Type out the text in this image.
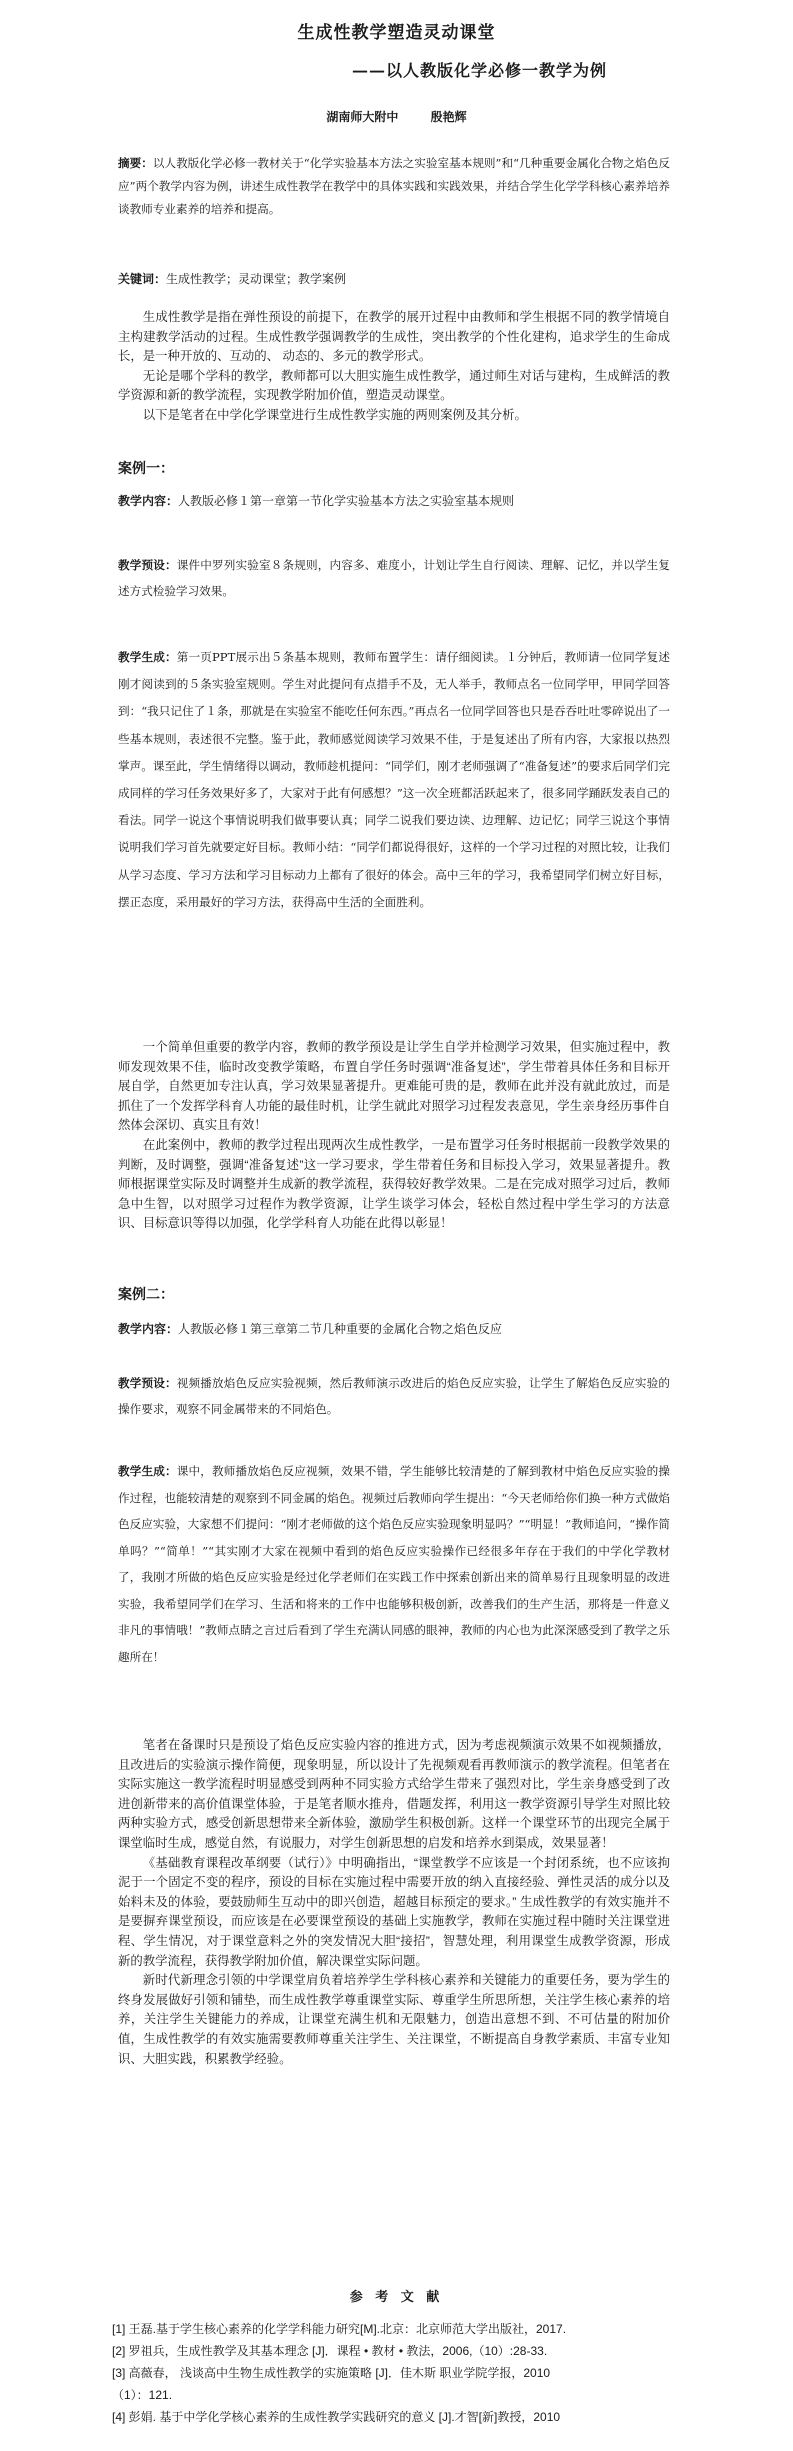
生成性教学塑造灵动课堂
——以人教版化学必修一教学为例
湖南师大附中	殷艳辉

摘要：以人教版化学必修一教材关于“化学实验基本方法之实验室基本规则”和“几种重要金属化合物之焰色反应”两个教学内容为例，讲述生成性教学在教学中的具体实践和实践效果，并结合学生化学学科核心素养培养谈教师专业素养的培养和提高。

关键词：生成性教学；灵动课堂；教学案例

生成性教学是指在弹性预设的前提下，在教学的展开过程中由教师和学生根据不同的教学情境自主构建教学活动的过程。生成性教学强调教学的生成性，突出教学的个性化建构，追求学生的生命成长，是一种开放的、互动的、 动态的、多元的教学形式。

无论是哪个学科的教学，教师都可以大胆实施生成性教学，通过师生对话与建构，生成鲜活的教学资源和新的教学流程，实现教学附加价值，塑造灵动课堂。

以下是笔者在中学化学课堂进行生成性教学实施的两则案例及其分析。

案例一：

教学内容：人教版必修１第一章第一节化学实验基本方法之实验室基本规则

教学预设：课件中罗列实验室８条规则，内容多、难度小，计划让学生自行阅读、理解、记忆，并以学生复述方式检验学习效果。

教学生成：第一页PPT展示出５条基本规则，教师布置学生：请仔细阅读。１分钟后，教师请一位同学复述刚才阅读到的５条实验室规则。学生对此提问有点措手不及，无人举手，教师点名一位同学甲，甲同学回答到：“我只记住了１条，那就是在实验室不能吃任何东西。”再点名一位同学回答也只是吞吞吐吐零碎说出了一些基本规则，表述很不完整。鉴于此，教师感觉阅读学习效果不佳，于是复述出了所有内容，大家报以热烈掌声。课至此，学生情绪得以调动，教师趁机提问：“同学们，刚才老师强调了“准备复述”的要求后同学们完成同样的学习任务效果好多了，大家对于此有何感想？”这一次全班都活跃起来了，很多同学踊跃发表自己的看法。同学一说这个事情说明我们做事要认真；同学二说我们要边读、边理解、边记忆；同学三说这个事情说明我们学习首先就要定好目标。教师小结：“同学们都说得很好，这样的一个学习过程的对照比较，让我们从学习态度、学习方法和学习目标动力上都有了很好的体会。高中三年的学习，我希望同学们树立好目标，摆正态度，采用最好的学习方法，获得高中生活的全面胜利。

一个简单但重要的教学内容，教师的教学预设是让学生自学并检测学习效果，但实施过程中，教师发现效果不佳，临时改变教学策略，布置自学任务时强调“准备复述”，学生带着具体任务和目标开展自学，自然更加专注认真，学习效果显著提升。更难能可贵的是，教师在此并没有就此放过，而是抓住了一个发挥学科育人功能的最佳时机，让学生就此对照学习过程发表意见，学生亲身经历事件自然体会深切、真实且有效！

在此案例中，教师的教学过程出现两次生成性教学，一是布置学习任务时根据前一段教学效果的判断，及时调整，强调“准备复述”这一学习要求，学生带着任务和目标投入学习，效果显著提升。教师根据课堂实际及时调整并生成新的教学流程，获得较好教学效果。二是在完成对照学习过后，教师急中生智，以对照学习过程作为教学资源，让学生谈学习体会，轻松自然过程中学生学习的方法意识、目标意识等得以加强，化学学科育人功能在此得以彰显！

案例二：

教学内容：人教版必修１第三章第二节几种重要的金属化合物之焰色反应

教学预设：视频播放焰色反应实验视频，然后教师演示改进后的焰色反应实验，让学生了解焰色反应实验的操作要求，观察不同金属带来的不同焰色。

教学生成：课中，教师播放焰色反应视频，效果不错，学生能够比较清楚的了解到教材中焰色反应实验的操作过程，也能较清楚的观察到不同金属的焰色。视频过后教师向学生提出：“今天老师给你们换一种方式做焰色反应实验，大家想不们提问：“刚才老师做的这个焰色反应实验现象明显吗？”“明显！”教师追问，“操作简单吗？”“简单！”“其实刚才大家在视频中看到的焰色反应实验操作已经很多年存在于我们的中学化学教材了，我刚才所做的焰色反应实验是经过化学老师们在实践工作中探索创新出来的简单易行且现象明显的改进实验，我希望同学们在学习、生活和将来的工作中也能够积极创新，改善我们的生产生活，那将是一件意义非凡的事情哦！”教师点睛之言过后看到了学生充满认同感的眼神，教师的内心也为此深深感受到了教学之乐趣所在！

笔者在备课时只是预设了焰色反应实验内容的推进方式，因为考虑视频演示效果不如视频播放，且改进后的实验演示操作简便，现象明显，所以设计了先视频观看再教师演示的教学流程。但笔者在实际实施这一教学流程时明显感受到两种不同实验方式给学生带来了强烈对比，学生亲身感受到了改进创新带来的高价值课堂体验，于是笔者顺水推舟，借题发挥，利用这一教学资源引导学生对照比较两种实验方式，感受创新思想带来全新体验，激励学生积极创新。这样一个课堂环节的出现完全属于课堂临时生成，感觉自然，有说服力，对学生创新思想的启发和培养水到渠成，效果显著！

《基础教育课程改革纲要（试行）》中明确指出，“课堂教学不应该是一个封闭系统，也不应该拘泥于一个固定不变的程序，预设的目标在实施过程中需要开放的纳入直接经验、弹性灵活的成分以及始料未及的体验，要鼓励师生互动中的即兴创造，超越目标预定的要求。” 生成性教学的有效实施并不是要摒弃课堂预设，而应该是在必要课堂预设的基础上实施教学，教师在实施过程中随时关注课堂进程、学生情况，对于课堂意料之外的突发情况大胆“接招”，智慧处理，利用课堂生成教学资源，形成新的教学流程，获得教学附加价值，解决课堂实际问题。

新时代新理念引领的中学课堂肩负着培养学生学科核心素养和关键能力的重要任务，要为学生的终身发展做好引领和铺垫，而生成性教学尊重课堂实际、尊重学生所思所想，关注学生核心素养的培养，关注学生关键能力的养成，让课堂充满生机和无限魅力，创造出意想不到、不可估量的附加价值，生成性教学的有效实施需要教师尊重关注学生、关注课堂，不断提高自身教学素质、丰富专业知识、大胆实践，积累教学经验。

参 考 文 献
[1] 王磊.基于学生核心素养的化学学科能力研究[M].北京：北京师范大学出版社，2017.
[2] 罗祖兵，生成性教学及其基本理念 [J]．课程 • 教材 • 教法，2006,（10）:28-33.
[3] 高薇春， 浅谈高中生物生成性教学的实施策略 [J]．佳木斯 职业学院学报，2010
（1）：121.
[4] 彭娟. 基于中学化学核心素养的生成性教学实践研究的意义 [J].才智[新]教授，2010
